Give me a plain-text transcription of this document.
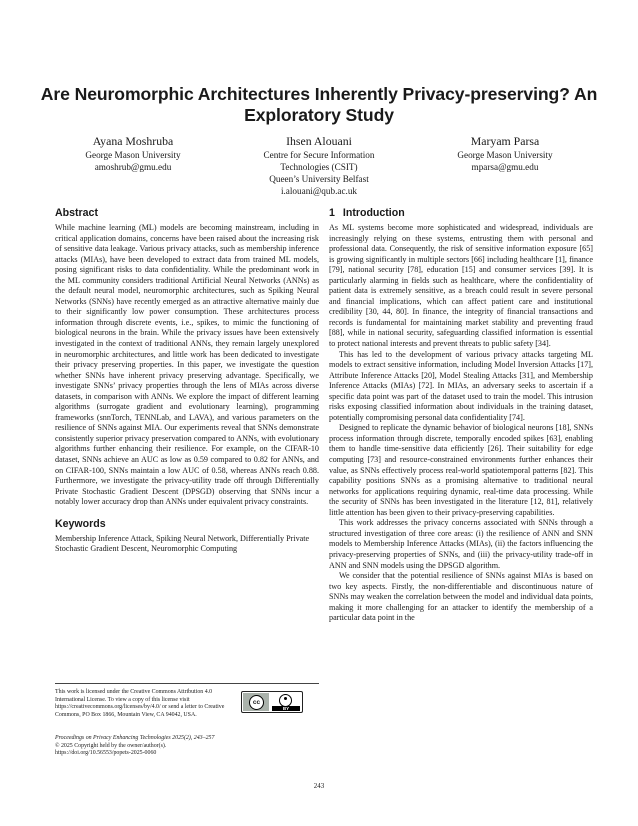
Are Neuromorphic Architectures Inherently Privacy-preserving? An Exploratory Study
Ayana Moshruba
George Mason University
amoshrub@gmu.edu
Ihsen Alouani
Centre for Secure Information
Technologies (CSIT)
Queen’s University Belfast
i.alouani@qub.ac.uk
Maryam Parsa
George Mason University
mparsa@gmu.edu
Abstract

While machine learning (ML) models are becoming mainstream, including in critical application domains, concerns have been raised about the increasing risk of sensitive data leakage. Various privacy attacks, such as membership inference attacks (MIAs), have been developed to extract data from trained ML models, posing significant risks to data confidentiality. While the predominant work in the ML community considers traditional Artificial Neural Networks (ANNs) as the default neural model, neuromorphic architectures, such as Spiking Neural Networks (SNNs) have recently emerged as an attractive alternative mainly due to their significantly low power consumption. These architectures process information through discrete events, i.e., spikes, to mimic the functioning of biological neurons in the brain. While the privacy issues have been extensively investigated in the context of traditional ANNs, they remain largely unexplored in neuromorphic architectures, and little work has been dedicated to investigate their privacy preserving properties. In this paper, we investigate the question whether SNNs have inherent privacy preserving advantage. Specifically, we investigate SNNs’ privacy properties through the lens of MIAs across diverse datasets, in comparison with ANNs. We explore the impact of different learning algorithms (surrogate gradient and evolutionary learning), programming frameworks (snnTorch, TENNLab, and LAVA), and various parameters on the resilience of SNNs against MIA. Our experiments reveal that SNNs demonstrate consistently superior privacy preservation compared to ANNs, with evolutionary algorithms further enhancing their resilience. For example, on the CIFAR-10 dataset, SNNs achieve an AUC as low as 0.59 compared to 0.82 for ANNs, and on CIFAR-100, SNNs maintain a low AUC of 0.58, whereas ANNs reach 0.88. Furthermore, we investigate the privacy-utility trade off through Differentially Private Stochastic Gradient Descent (DPSGD) observing that SNNs incur a notably lower accuracy drop than ANNs under equivalent privacy constraints.

Keywords

Membership Inference Attack, Spiking Neural Network, Differentially Private Stochastic Gradient Descent, Neuromorphic Computing

This work is licensed under the Creative Commons Attribution 4.0 International License. To view a copy of this license visit https://creativecommons.org/licenses/by/4.0/ or send a letter to Creative Commons, PO Box 1866, Mountain View, CA 94042, USA.
cc
BY
Proceedings on Privacy Enhancing Technologies 2025(2), 243–257
© 2025 Copyright held by the owner/author(s).
https://doi.org/10.56553/popets-2025-0060
1 Introduction

As ML systems become more sophisticated and widespread, individuals are increasingly relying on these systems, entrusting them with personal and professional data. Consequently, the risk of sensitive information exposure [65] is growing significantly in multiple sectors [66] including healthcare [1], finance [79], national security [78], education [15] and consumer services [39]. It is particularly alarming in fields such as healthcare, where the confidentiality of patient data is extremely sensitive, as a breach could result in severe personal and financial implications, which can affect patient care and institutional credibility [30, 44, 80]. In finance, the integrity of financial transactions and records is fundamental for maintaining market stability and preventing fraud [88], while in national security, safeguarding classified information is essential to protect national interests and prevent threats to public safety [34].

This has led to the development of various privacy attacks targeting ML models to extract sensitive information, including Model Inversion Attacks [17], Attribute Inference Attacks [20], Model Stealing Attacks [31], and Membership Inference Attacks (MIAs) [72]. In MIAs, an adversary seeks to ascertain if a specific data point was part of the dataset used to train the model. This intrusion risks exposing classified information about individuals in the training dataset, potentially compromising personal data confidentiality [74].

Designed to replicate the dynamic behavior of biological neurons [18], SNNs process information through discrete, temporally encoded spikes [63], enabling them to handle time-sensitive data efficiently [26]. Their suitability for edge computing [73] and resource-constrained environments further enhances their value, as SNNs effectively process real-world spatiotemporal patterns [82]. This capability positions SNNs as a promising alternative to traditional neural networks for applications requiring dynamic, real-time data processing. While the security of SNNs has been investigated in the literature [12, 81], relatively little attention has been given to their privacy-preserving capabilities.

This work addresses the privacy concerns associated with SNNs through a structured investigation of three core areas: (i) the resilience of ANN and SNN models to Membership Inference Attacks (MIAs), (ii) the factors influencing the privacy-preserving properties of SNNs, and (iii) the privacy-utility trade-off in ANN and SNN models using the DPSGD algorithm.

We consider that the potential resilience of SNNs against MIAs is based on two key aspects. Firstly, the non-differentiable and discontinuous nature of SNNs may weaken the correlation between the model and individual data points, making it more challenging for an attacker to identify the membership of a particular data point in the

243
